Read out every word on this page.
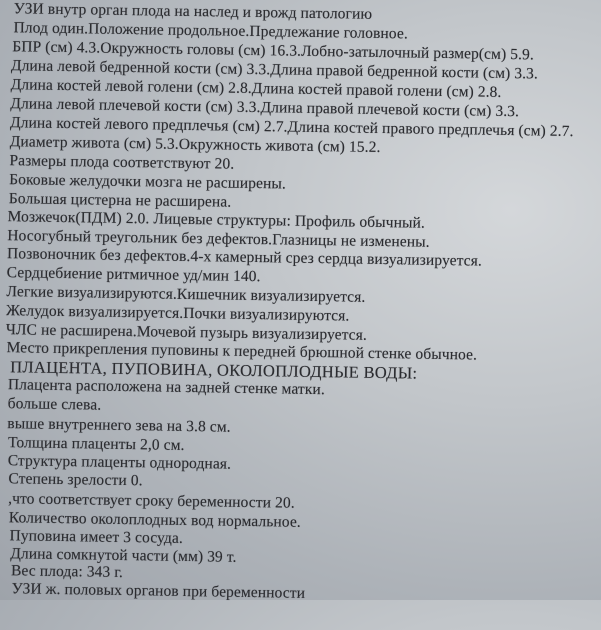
УЗИ внутр орган плода на наслед и врожд патологию
Плод один.Положение продольное.Предлежание головное.
БПР (см) 4.3.Окружность головы (см) 16.3.Лобно-затылочный размер(см) 5.9.
Длина левой бедренной кости (см) 3.3.Длина правой бедренной кости (см) 3.3.
Длина костей левой голени (см) 2.8.Длина костей правой голени (см) 2.8.
Длина левой плечевой кости (см) 3.3.Длина правой плечевой кости (см) 3.3.
Длина костей левого предплечья (см) 2.7.Длина костей правого предплечья (см) 2.7.
Диаметр живота (см) 5.3.Окружность живота (см) 15.2.
Размеры плода соответствуют 20.
Боковые желудочки мозга не расширены.
Большая цистерна не расширена.
Мозжечок(ПДМ) 2.0. Лицевые структуры: Профиль обычный.
Носогубный треугольник без дефектов.Глазницы не изменены.
Позвоночник без дефектов.4-х камерный срез сердца визуализируется.
Сердцебиение ритмичное уд/мин 140.
Легкие визуализируются.Кишечник визуализируется.
Желудок визуализируется.Почки визуализируются.
ЧЛС не расширена.Мочевой пузырь визуализируется.
Место прикрепления пуповины к передней брюшной стенке обычное.
ПЛАЦЕНТА, ПУПОВИНА, ОКОЛОПЛОДНЫЕ ВОДЫ:
Плацента расположена на задней стенке матки.
больше слева.
выше внутреннего зева на 3.8 см.
Толщина плаценты 2,0 см.
Структура плаценты однородная.
Степень зрелости 0.
,что соответствует сроку беременности 20.
Количество околоплодных вод нормальное.
Пуповина имеет 3 сосуда.
Длина сомкнутой части (мм) 39 т.
Вес плода: 343 г.
УЗИ ж. половых органов при беременности
